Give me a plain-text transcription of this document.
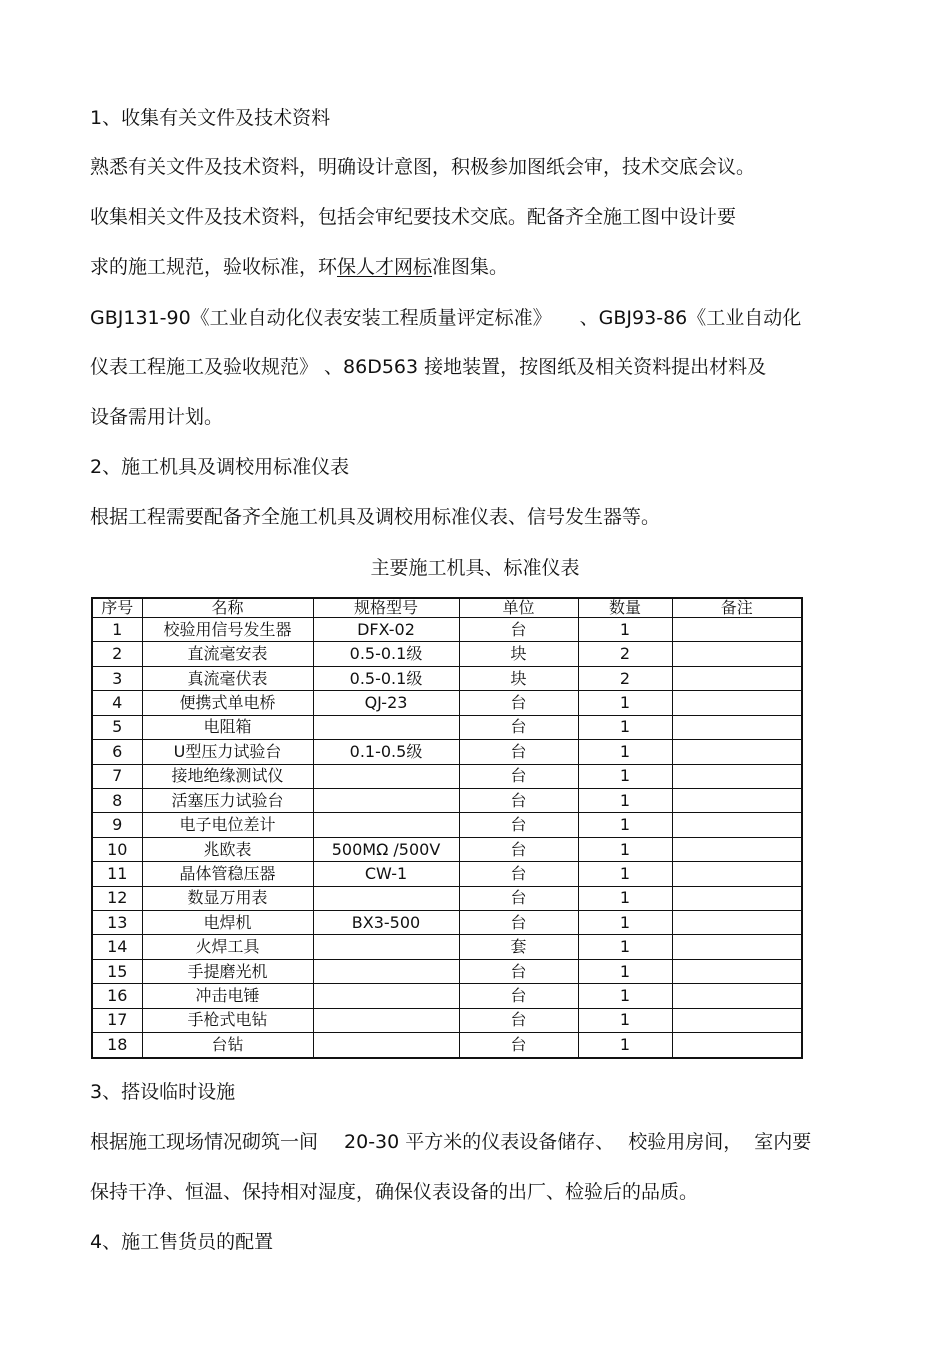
1、收集有关文件及技术资料
熟悉有关文件及技术资料，明确设计意图，积极参加图纸会审，技术交底会议。
收集相关文件及技术资料，包括会审纪要技术交底。配备齐全施工图中设计要
求的施工规范，验收标准，环保人才网标准图集。
GBJ131-90《工业自动化仪表安装工程质量评定标准》 、GBJ93-86《工业自动化
仪表工程施工及验收规范》 、86D563 接地装置，按图纸及相关资料提出材料及
设备需用计划。
2、施工机具及调校用标准仪表
根据工程需要配备齐全施工机具及调校用标准仪表、信号发生器等。
主要施工机具、标准仪表
序号	名称	规格型号	单位	数量	备注
1	校验用信号发生器	DFX-02	台	1	
2	直流毫安表	0.5-0.1级	块	2	
3	真流毫伏表	0.5-0.1级	块	2	
4	便携式单电桥	QJ-23	台	1	
5	电阻箱		台	1	
6	U型压力试验台	0.1-0.5级	台	1	
7	接地绝缘测试仪		台	1	
8	活塞压力试验台		台	1	
9	电子电位差计		台	1	
10	兆欧表	500MΩ /500V	台	1	
11	晶体管稳压器	CW-1	台	1	
12	数显万用表		台	1	
13	电焊机	BX3-500	台	1	
14	火焊工具		套	1	
15	手提磨光机		台	1	
16	冲击电锤		台	1	
17	手枪式电钻		台	1	
18	台钻		台	1	
3、搭设临时设施
根据施工现场情况砌筑一间 20-30 平方米的仪表设备储存、 校验用房间， 室内要
保持干净、恒温、保持相对湿度，确保仪表设备的出厂、检验后的品质。
4、施工售货员的配置
